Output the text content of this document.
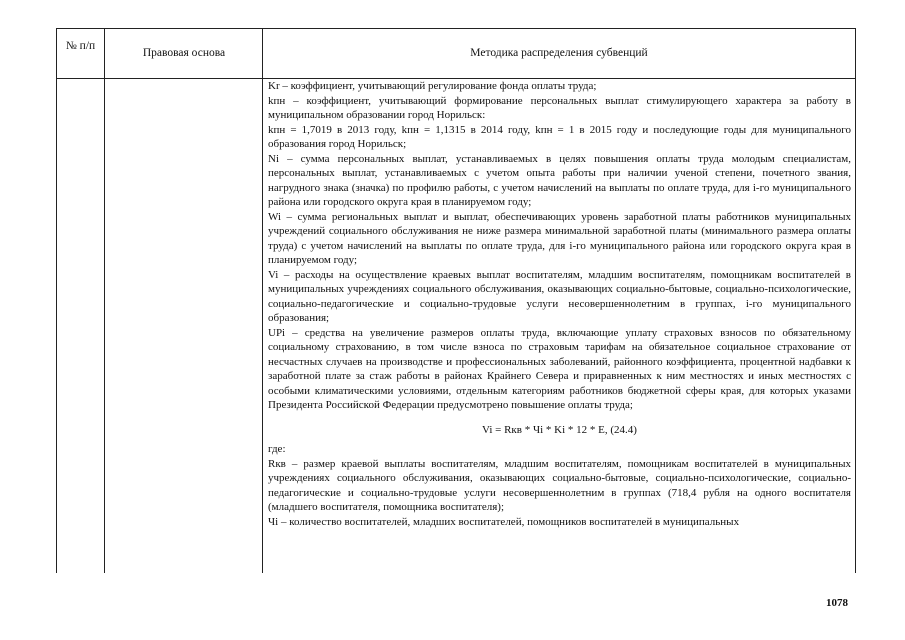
№ п/п
Правовая основа	Методика распределения субвенций

Kr – коэффициент, учитывающий регулирование фонда оплаты труда;

kпн – коэффициент, учитывающий формирование персональных выплат стимулирующего характера за работу в муниципальном образовании город Норильск:

kпн = 1,7019 в 2013 году, kпн = 1,1315 в 2014 году, kпн = 1 в 2015 году и последующие годы для муниципального образования город Норильск;

Ni – сумма персональных выплат, устанавливаемых в целях повышения оплаты труда молодым специалистам, персональных выплат, устанавливаемых с учетом опыта работы при наличии ученой степени, почетного звания, нагрудного знака (значка) по профилю работы, с учетом начислений на выплаты по оплате труда, для i-го муниципального района или городского округа края в планируемом году;

Wi – сумма региональных выплат и выплат, обеспечивающих уровень заработной платы работников муниципальных учреждений социального обслуживания не ниже размера минимальной заработной платы (минимального размера оплаты труда) с учетом начислений на выплаты по оплате труда, для i-го муниципального района или городского округа края в планируемом году;

Vi – расходы на осуществление краевых выплат воспитателям, младшим воспитателям, помощникам воспитателей в муниципальных учреждениях социального обслуживания, оказывающих социально-бытовые, социально-психологические, социально-педагогические и социально-трудовые услуги несовершеннолетним в группах, i-го муниципального образования;

UPi – средства на увеличение размеров оплаты труда, включающие уплату страховых взносов по обязательному социальному страхованию, в том числе взноса по страховым тарифам на обязательное социальное страхование от несчастных случаев на производстве и профессиональных заболеваний, районного коэффициента, процентной надбавки к заработной плате за стаж работы в районах Крайнего Севера и приравненных к ним местностях и иных местностях с особыми климатическими условиями, отдельным категориям работников бюджетной сферы края, для которых указами Президента Российской Федерации предусмотрено повышение оплаты труда;

Vi = Rкв * Чi * Ki * 12 * E, (24.4)

где:

Rкв – размер краевой выплаты воспитателям, младшим воспитателям, помощникам воспитателей в муниципальных учреждениях социального обслуживания, оказывающих социально-бытовые, социально-психологические, социально-педагогические и социально-трудовые услуги несовершеннолетним в группах (718,4 рубля на одного воспитателя (младшего воспитателя, помощника воспитателя);

Чi – количество воспитателей, младших воспитателей, помощников воспитателей в муниципальных

1078
